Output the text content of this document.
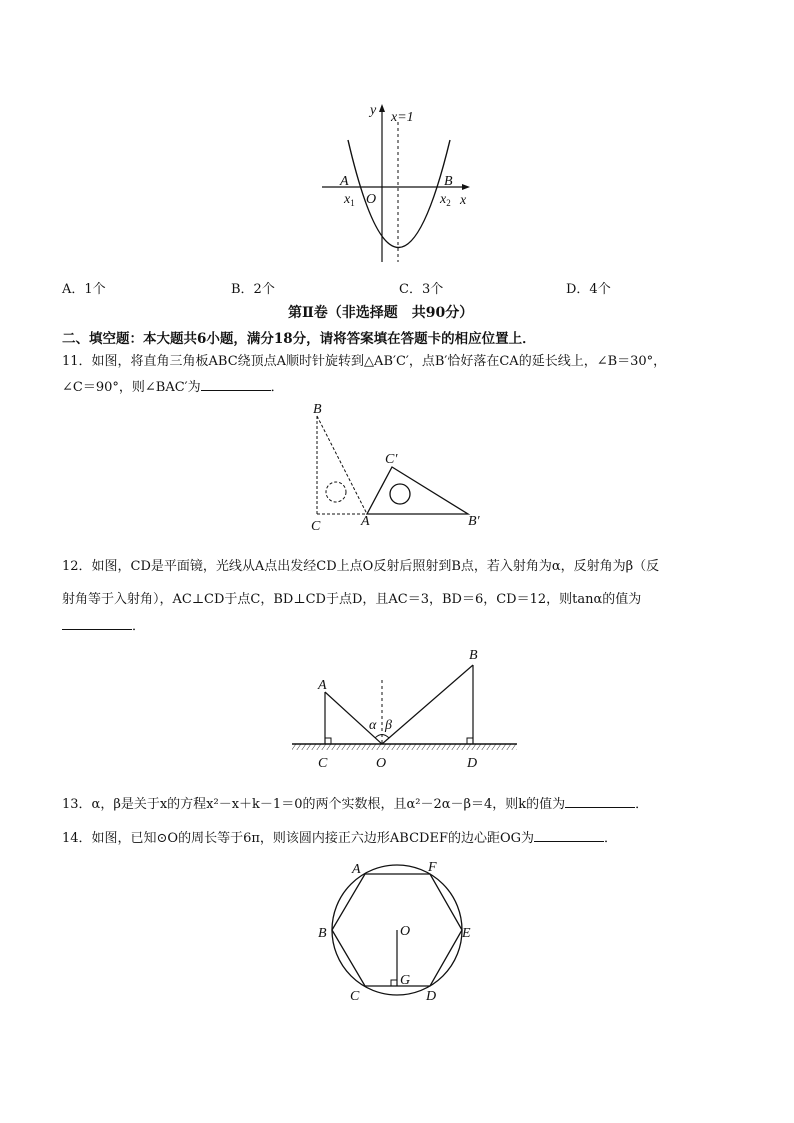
y
x
x=1
A	B
O
$x_1$	$x_2$
A．1个	B．2个	C．3个	D．4个
第Ⅱ卷（非选择题　共90分）
二、填空题：本大题共6小题，满分18分，请将答案填在答题卡的相应位置上．
11．如图，将直角三角板ABC绕顶点A顺时针旋转到△AB′C′，点B′恰好落在CA的延长线上，∠B＝30°，
∠C＝90°，则∠BAC′为	．
B
C	A
C′
B′
12．如图，CD是平面镜，光线从A点出发经CD上点O反射后照射到B点，若入射角为α，反射角为β（反
射角等于入射角），AC⊥CD于点C，BD⊥CD于点D，且AC＝3，BD＝6，CD＝12，则tanα的值为
．
A
B
C	O	D
α β
13．α，β是关于x的方程x²－x＋k－1＝0的两个实数根，且α²－2α－β＝4，则k的值为	．
14．如图，已知⊙O的周长等于6π，则该圆内接正六边形ABCDEF的边心距OG为	．
A	F
B	E
O
G
C	D
